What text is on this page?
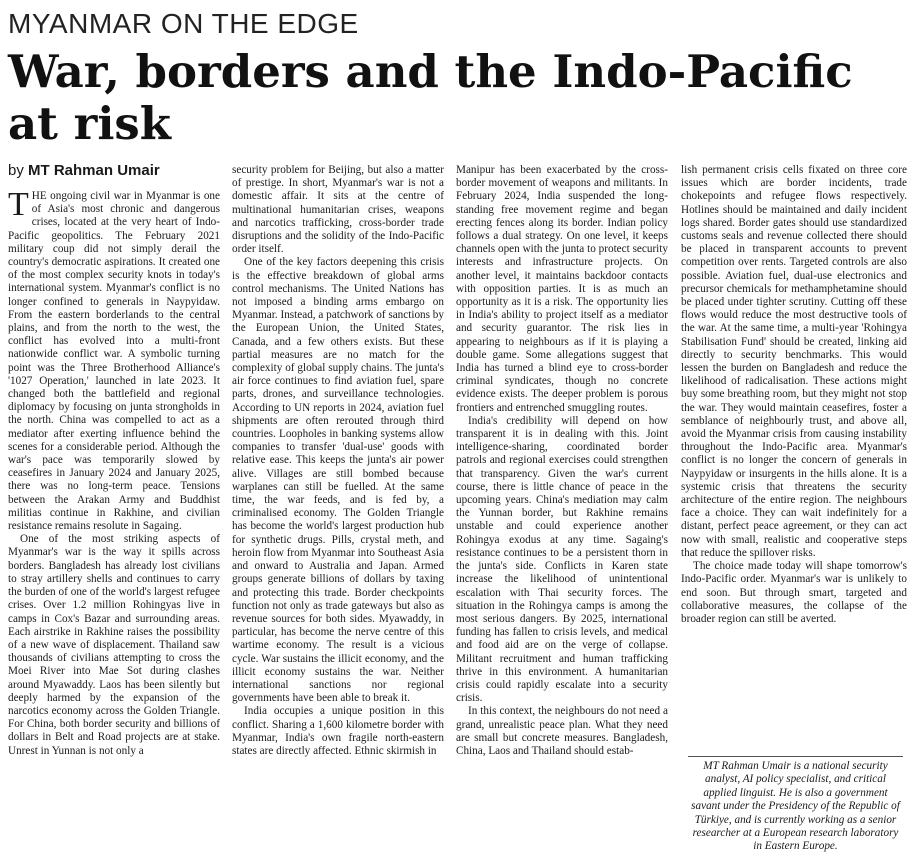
MYANMAR ON THE EDGE
War, borders and the Indo-Pacific at risk
by MT Rahman Umair

THE ongoing civil war in Myanmar is one of Asia's most chronic and dangerous crises, located at the very heart of Indo-Pacific geopolitics. The February 2021 military coup did not simply derail the country's democratic aspirations. It created one of the most complex security knots in today's international system. Myanmar's conflict is no longer confined to generals in Naypyidaw. From the eastern borderlands to the central plains, and from the north to the west, the conflict has evolved into a multi-front nationwide conflict war. A symbolic turning point was the Three Brotherhood Alliance's '1027 Operation,' launched in late 2023. It changed both the battlefield and regional diplomacy by focusing on junta strongholds in the north. China was compelled to act as a mediator after exerting influence behind the scenes for a considerable period. Although the war's pace was temporarily slowed by ceasefires in January 2024 and January 2025, there was no long-term peace. Tensions between the Arakan Army and Buddhist militias continue in Rakhine, and civilian resistance remains resolute in Sagaing.

One of the most striking aspects of Myanmar's war is the way it spills across borders. Bangladesh has already lost civilians to stray artillery shells and continues to carry the burden of one of the world's largest refugee crises. Over 1.2 million Rohingyas live in camps in Cox's Bazar and surrounding areas. Each airstrike in Rakhine raises the possibility of a new wave of displacement. Thailand saw thousands of civilians attempting to cross the Moei River into Mae Sot during clashes around Myawaddy. Laos has been silently but deeply harmed by the expansion of the narcotics economy across the Golden Triangle. For China, both border security and billions of dollars in Belt and Road projects are at stake. Unrest in Yunnan is not only a

security problem for Beijing, but also a matter of prestige. In short, Myanmar's war is not a domestic affair. It sits at the centre of multinational humanitarian crises, weapons and narcotics trafficking, cross-border trade disruptions and the solidity of the Indo-Pacific order itself.

One of the key factors deepening this crisis is the effective breakdown of global arms control mechanisms. The United Nations has not imposed a binding arms embargo on Myanmar. Instead, a patchwork of sanctions by the European Union, the United States, Canada, and a few others exists. But these partial measures are no match for the complexity of global supply chains. The junta's air force continues to find aviation fuel, spare parts, drones, and surveillance technologies. According to UN reports in 2024, aviation fuel shipments are often rerouted through third countries. Loopholes in banking systems allow companies to transfer 'dual-use' goods with relative ease. This keeps the junta's air power alive. Villages are still bombed because warplanes can still be fuelled. At the same time, the war feeds, and is fed by, a criminalised economy. The Golden Triangle has become the world's largest production hub for synthetic drugs. Pills, crystal meth, and heroin flow from Myanmar into Southeast Asia and onward to Australia and Japan. Armed groups generate billions of dollars by taxing and protecting this trade. Border checkpoints function not only as trade gateways but also as revenue sources for both sides. Myawaddy, in particular, has become the nerve centre of this wartime economy. The result is a vicious cycle. War sustains the illicit economy, and the illicit economy sustains the war. Neither international sanctions nor regional governments have been able to break it.

India occupies a unique position in this conflict. Sharing a 1,600 kilometre border with Myanmar, India's own fragile north-eastern states are directly affected. Ethnic skirmish in

Manipur has been exacerbated by the cross-border movement of weapons and militants. In February 2024, India suspended the long-standing free movement regime and began erecting fences along its border. Indian policy follows a dual strategy. On one level, it keeps channels open with the junta to protect security interests and infrastructure projects. On another level, it maintains backdoor contacts with opposition parties. It is as much an opportunity as it is a risk. The opportunity lies in India's ability to project itself as a mediator and security guarantor. The risk lies in appearing to neighbours as if it is playing a double game. Some allegations suggest that India has turned a blind eye to cross-border criminal syndicates, though no concrete evidence exists. The deeper problem is porous frontiers and entrenched smuggling routes.

India's credibility will depend on how transparent it is in dealing with this. Joint intelligence-sharing, coordinated border patrols and regional exercises could strengthen that transparency. Given the war's current course, there is little chance of peace in the upcoming years. China's mediation may calm the Yunnan border, but Rakhine remains unstable and could experience another Rohingya exodus at any time. Sagaing's resistance continues to be a persistent thorn in the junta's side. Conflicts in Karen state increase the likelihood of unintentional escalation with Thai security forces. The situation in the Rohingya camps is among the most serious dangers. By 2025, international funding has fallen to crisis levels, and medical and food aid are on the verge of collapse. Militant recruitment and human trafficking thrive in this environment. A humanitarian crisis could rapidly escalate into a security crisis.

In this context, the neighbours do not need a grand, unrealistic peace plan. What they need are small but concrete measures. Bangladesh, China, Laos and Thailand should estab-

lish permanent crisis cells fixated on three core issues which are border incidents, trade chokepoints and refugee flows respectively. Hotlines should be maintained and daily incident logs shared. Border gates should use standardized customs seals and revenue collected there should be placed in transparent accounts to prevent competition over rents. Targeted controls are also possible. Aviation fuel, dual-use electronics and precursor chemicals for methamphetamine should be placed under tighter scrutiny. Cutting off these flows would reduce the most destructive tools of the war. At the same time, a multi-year 'Rohingya Stabilisation Fund' should be created, linking aid directly to security benchmarks. This would lessen the burden on Bangladesh and reduce the likelihood of radicalisation. These actions might buy some breathing room, but they might not stop the war. They would maintain ceasefires, foster a semblance of neighbourly trust, and above all, avoid the Myanmar crisis from causing instability throughout the Indo-Pacific area. Myanmar's conflict is no longer the concern of generals in Naypyidaw or insurgents in the hills alone. It is a systemic crisis that threatens the security architecture of the entire region. The neighbours face a choice. They can wait indefinitely for a distant, perfect peace agreement, or they can act now with small, realistic and cooperative steps that reduce the spillover risks.

The choice made today will shape tomorrow's Indo-Pacific order. Myanmar's war is unlikely to end soon. But through smart, targeted and collaborative measures, the collapse of the broader region can still be averted.

MT Rahman Umair is a national security analyst, AI policy specialist, and critical applied linguist. He is also a government savant under the Presidency of the Republic of Türkiye, and is currently working as a senior researcher at a European research laboratory in Eastern Europe.
